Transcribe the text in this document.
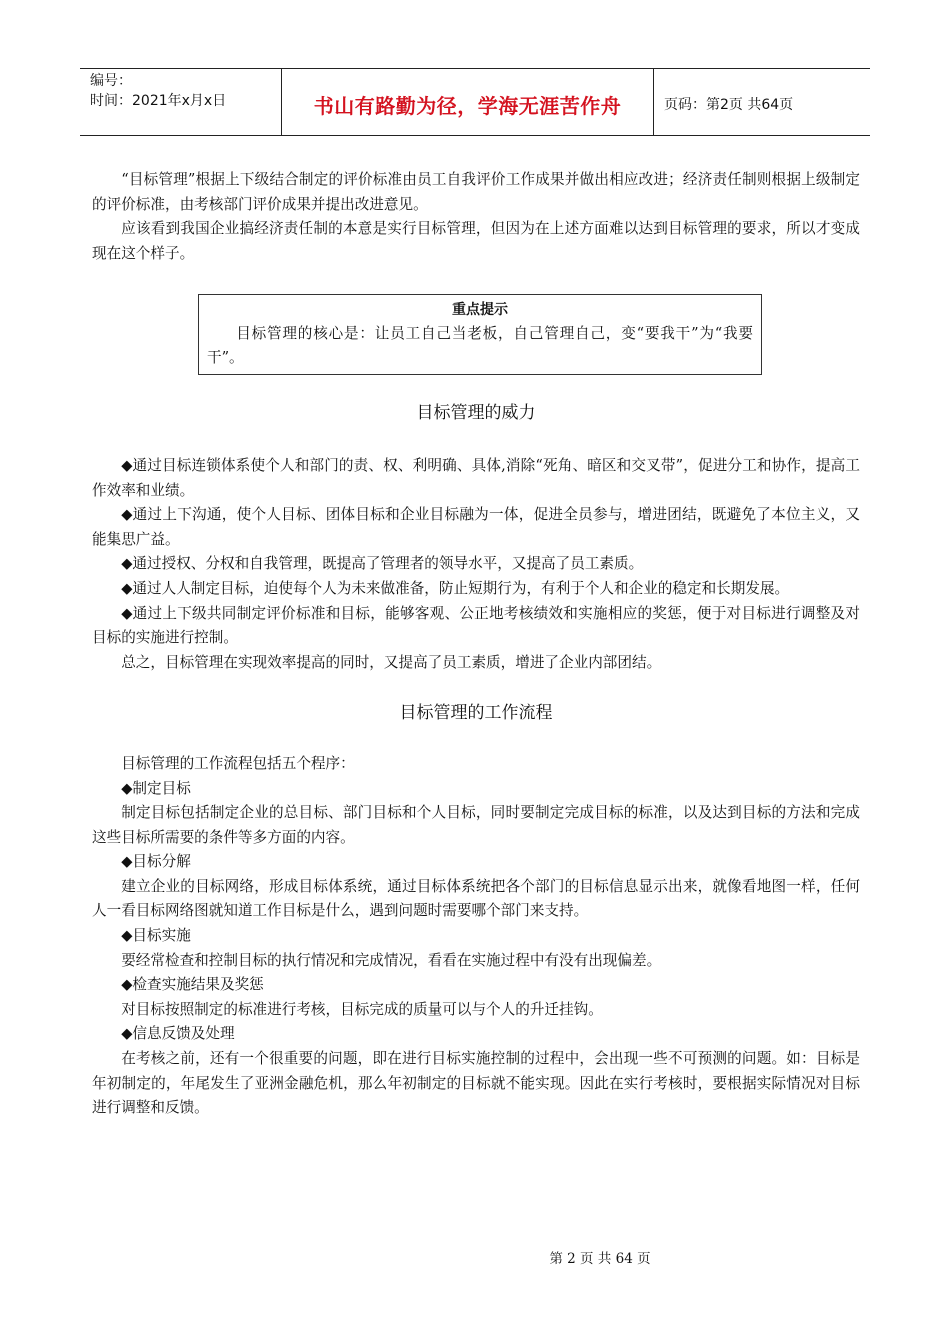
编号：
时间：2021年x月x日	书山有路勤为径，学海无涯苦作舟	页码：第2页 共64页

“目标管理”根据上下级结合制定的评价标准由员工自我评价工作成果并做出相应改进；经济责任制则根据上级制定的评价标准，由考核部门评价成果并提出改进意见。

应该看到我国企业搞经济责任制的本意是实行目标管理，但因为在上述方面难以达到目标管理的要求，所以才变成现在这个样子。

重点提示
目标管理的核心是：让员工自己当老板，自己管理自己，变“要我干”为“我要干”。
目标管理的威力

◆通过目标连锁体系使个人和部门的责、权、利明确、具体,消除“死角、暗区和交叉带”，促进分工和协作，提高工作效率和业绩。

◆通过上下沟通，使个人目标、团体目标和企业目标融为一体，促进全员参与，增进团结，既避免了本位主义，又能集思广益。

◆通过授权、分权和自我管理，既提高了管理者的领导水平，又提高了员工素质。

◆通过人人制定目标，迫使每个人为未来做准备，防止短期行为，有利于个人和企业的稳定和长期发展。

◆通过上下级共同制定评价标准和目标，能够客观、公正地考核绩效和实施相应的奖惩，便于对目标进行调整及对目标的实施进行控制。

总之，目标管理在实现效率提高的同时，又提高了员工素质，增进了企业内部团结。

目标管理的工作流程

目标管理的工作流程包括五个程序：

◆制定目标

制定目标包括制定企业的总目标、部门目标和个人目标，同时要制定完成目标的标准，以及达到目标的方法和完成这些目标所需要的条件等多方面的内容。

◆目标分解

建立企业的目标网络，形成目标体系统，通过目标体系统把各个部门的目标信息显示出来，就像看地图一样，任何人一看目标网络图就知道工作目标是什么，遇到问题时需要哪个部门来支持。

◆目标实施

要经常检查和控制目标的执行情况和完成情况，看看在实施过程中有没有出现偏差。

◆检查实施结果及奖惩

对目标按照制定的标准进行考核，目标完成的质量可以与个人的升迁挂钩。

◆信息反馈及处理

在考核之前，还有一个很重要的问题，即在进行目标实施控制的过程中，会出现一些不可预测的问题。如：目标是年初制定的，年尾发生了亚洲金融危机，那么年初制定的目标就不能实现。因此在实行考核时，要根据实际情况对目标进行调整和反馈。

第 2 页 共 64 页
